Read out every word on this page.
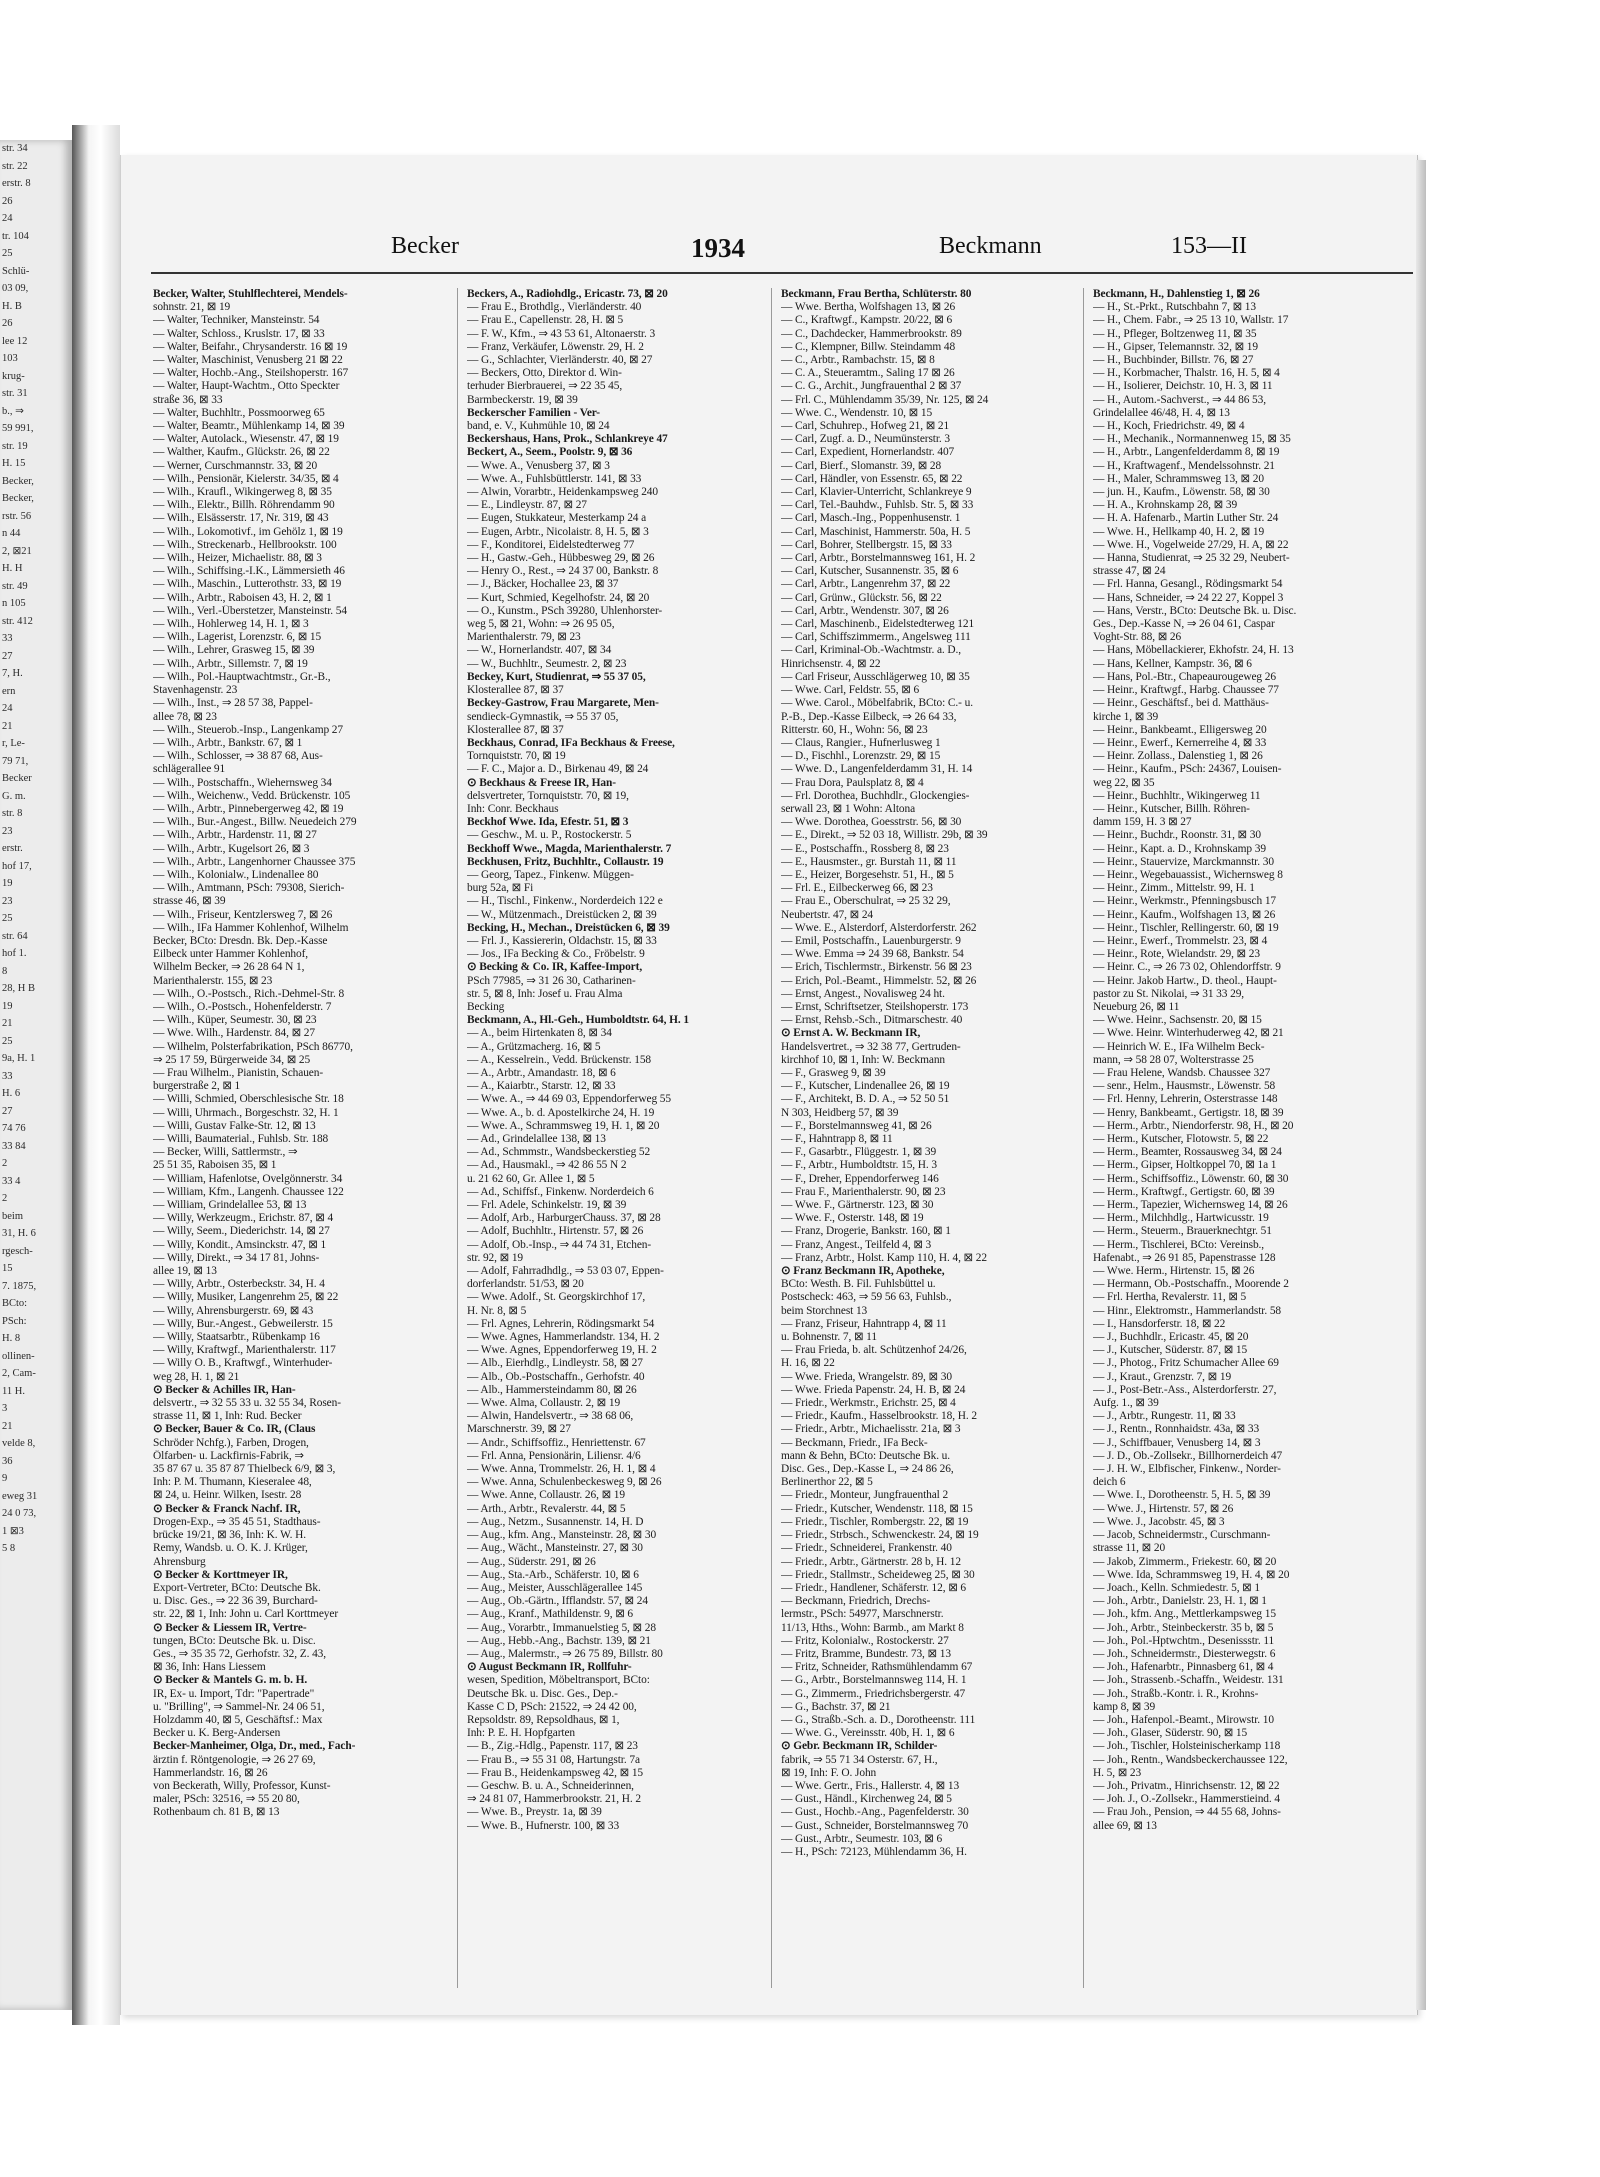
str. 34
str. 22
erstr. 8
26
24
tr. 104
25
Schlü-
03 09,
H. B
26
lee 12
103
krug-
str. 31
b., ⇒
59 991,
str. 19
H. 15
Becker,
Becker,
rstr. 56
n 44
2, ⊠21
H. H
str. 49
n 105
str. 412
33
27
7, H.
ern
24
21
r, Le-
79 71,
Becker
G. m.
str. 8
23
erstr.
hof 17,
19
23
25
str. 64
hof 1.
8
28, H B
19
21
25
9a, H. 1
33
H. 6
27
74 76
33 84
2
33 4
2
beim
31, H. 6
rgesch-
15
7. 1875,
BCto:
PSch:
H. 8
ollinen-
2, Cam-
11 H.
3
21
velde 8,
36
9
eweg 31
24 0 73,
1 ⊠3
5 8
Becker	1934	Beckmann	153—II
Becker, Walter, Stuhlflechterei, Mendels-
sohnstr. 21, ⊠ 19
— Walter, Techniker, Mansteinstr. 54
— Walter, Schloss., Kruslstr. 17, ⊠ 33
— Walter, Beifahr., Chrysanderstr. 16 ⊠ 19
— Walter, Maschinist, Venusberg 21 ⊠ 22
— Walter, Hochb.-Ang., Steilshoperstr. 167
— Walter, Haupt-Wachtm., Otto Speckter
straße 36, ⊠ 33
— Walter, Buchhltr., Possmoorweg 65
— Walter, Beamtr., Mühlenkamp 14, ⊠ 39
— Walter, Autolack., Wiesenstr. 47, ⊠ 19
— Walther, Kaufm., Glückstr. 26, ⊠ 22
— Werner, Curschmannstr. 33, ⊠ 20
— Wilh., Pensionär, Kielerstr. 34/35, ⊠ 4
— Wilh., Kraufl., Wikingerweg 8, ⊠ 35
— Wilh., Elektr., Billh. Röhrendamm 90
— Wilh., Elsässerstr. 17, Nr. 319, ⊠ 43
— Wilh., Lokomotivf., im Gehölz 1, ⊠ 19
— Wilh., Streckenarb., Hellbrookstr. 100
— Wilh., Heizer, Michaelistr. 88, ⊠ 3
— Wilh., Schiffsing.-I.K., Lämmersieth 46
— Wilh., Maschin., Lutterothstr. 33, ⊠ 19
— Wilh., Arbtr., Raboisen 43, H. 2, ⊠ 1
— Wilh., Verl.-Überstetzer, Mansteinstr. 54
— Wilh., Hohlerweg 14, H. 1, ⊠ 3
— Wilh., Lagerist, Lorenzstr. 6, ⊠ 15
— Wilh., Lehrer, Grasweg 15, ⊠ 39
— Wilh., Arbtr., Sillemstr. 7, ⊠ 19
— Wilh., Pol.-Hauptwachtmstr., Gr.-B.,
Stavenhagenstr. 23
— Wilh., Inst., ⇒ 28 57 38, Pappel-
allee 78, ⊠ 23
— Wilh., Steuerob.-Insp., Langenkamp 27
— Wilh., Arbtr., Bankstr. 67, ⊠ 1
— Wilh., Schlosser, ⇒ 38 87 68, Aus-
schlägerallee 91
— Wilh., Postschaffn., Wiehernsweg 34
— Wilh., Weichenw., Vedd. Brückenstr. 105
— Wilh., Arbtr., Pinnebergerweg 42, ⊠ 19
— Wilh., Bur.-Angest., Billw. Neuedeich 279
— Wilh., Arbtr., Hardenstr. 11, ⊠ 27
— Wilh., Arbtr., Kugelsort 26, ⊠ 3
— Wilh., Arbtr., Langenhorner Chaussee 375
— Wilh., Kolonialw., Lindenallee 80
— Wilh., Amtmann, PSch: 79308, Sierich-
strasse 46, ⊠ 39
— Wilh., Friseur, Kentzlersweg 7, ⊠ 26
— Wilh., IFa Hammer Kohlenhof, Wilhelm
Becker, BCto: Dresdn. Bk. Dep.-Kasse
Eilbeck unter Hammer Kohlenhof,
Wilhelm Becker, ⇒ 26 28 64 N 1,
Marienthalerstr. 155, ⊠ 23
— Wilh., O.-Postsch., Rich.-Dehmel-Str. 8
— Wilh., O.-Postsch., Hohenfelderstr. 7
— Wilh., Küper, Seumestr. 30, ⊠ 23
— Wwe. Wilh., Hardenstr. 84, ⊠ 27
— Wilhelm, Polsterfabrikation, PSch 86770,
⇒ 25 17 59, Bürgerweide 34, ⊠ 25
— Frau Wilhelm., Pianistin, Schauen-
burgerstraße 2, ⊠ 1
— Willi, Schmied, Oberschlesische Str. 18
— Willi, Uhrmach., Borgeschstr. 32, H. 1
— Willi, Gustav Falke-Str. 12, ⊠ 13
— Willi, Baumaterial., Fuhlsb. Str. 188
— Becker, Willi, Sattlermstr., ⇒
25 51 35, Raboisen 35, ⊠ 1
— William, Hafenlotse, Ovelgönnerstr. 34
— William, Kfm., Langenh. Chaussee 122
— William, Grindelallee 53, ⊠ 13
— Willy, Werkzeugm., Erichstr. 87, ⊠ 4
— Willy, Seem., Diederichstr. 14, ⊠ 27
— Willy, Kondit., Amsinckstr. 47, ⊠ 1
— Willy, Direkt., ⇒ 34 17 81, Johns-
allee 19, ⊠ 13
— Willy, Arbtr., Osterbeckstr. 34, H. 4
— Willy, Musiker, Langenrehm 25, ⊠ 22
— Willy, Ahrensburgerstr. 69, ⊠ 43
— Willy, Bur.-Angest., Gebweilerstr. 15
— Willy, Staatsarbtr., Rübenkamp 16
— Willy, Kraftwgf., Marienthalerstr. 117
— Willy O. B., Kraftwgf., Winterhuder-
weg 28, H. 1, ⊠ 21
⊙ Becker & Achilles IR, Han-
delsvertr., ⇒ 32 55 33 u. 32 55 34, Rosen-
strasse 11, ⊠ 1, Inh: Rud. Becker
⊙ Becker, Bauer & Co. IR, (Claus
Schröder Nchfg.), Farben, Drogen,
Ölfarben- u. Lackfirnis-Fabrik, ⇒
35 87 67 u. 35 87 87 Thielbeck 6/9, ⊠ 3,
Inh: P. M. Thumann, Kieseralee 48,
⊠ 24, u. Heinr. Wilken, Isestr. 28
⊙ Becker & Franck Nachf. IR,
Drogen-Exp., ⇒ 35 45 51, Stadthaus-
brücke 19/21, ⊠ 36, Inh: K. W. H.
Remy, Wandsb. u. O. K. J. Krüger,
Ahrensburg
⊙ Becker & Korttmeyer IR,
Export-Vertreter, BCto: Deutsche Bk.
u. Disc. Ges., ⇒ 22 36 39, Burchard-
str. 22, ⊠ 1, Inh: John u. Carl Korttmeyer
⊙ Becker & Liessem IR, Vertre-
tungen, BCto: Deutsche Bk. u. Disc.
Ges., ⇒ 35 35 72, Gerhofstr. 32, Z. 43,
⊠ 36, Inh: Hans Liessem
⊙ Becker & Mantels G. m. b. H.
IR, Ex- u. Import, Tdr: "Papertrade"
u. "Brilling", ⇒ Sammel-Nr. 24 06 51,
Holzdamm 40, ⊠ 5, Geschäftsf.: Max
Becker u. K. Berg-Andersen
Becker-Manheimer, Olga, Dr., med., Fach-
ärztin f. Röntgenologie, ⇒ 26 27 69,
Hammerlandstr. 16, ⊠ 26
von Beckerath, Willy, Professor, Kunst-
maler, PSch: 32516, ⇒ 55 20 80,
Rothenbaum ch. 81 B, ⊠ 13
Beckers, A., Radiohdlg., Ericastr. 73, ⊠ 20
— Frau E., Brothdlg., Vierländerstr. 40
— Frau E., Capellenstr. 28, H. ⊠ 5
— F. W., Kfm., ⇒ 43 53 61, Altonaerstr. 3
— Franz, Verkäufer, Löwenstr. 29, H. 2
— G., Schlachter, Vierländerstr. 40, ⊠ 27
— Beckers, Otto, Direktor d. Win-
terhuder Bierbrauerei, ⇒ 22 35 45,
Barmbeckerstr. 19, ⊠ 39
Beckerscher Familien - Ver-
band, e. V., Kuhmühle 10, ⊠ 24
Beckershaus, Hans, Prok., Schlankreye 47
Beckert, A., Seem., Poolstr. 9, ⊠ 36
— Wwe. A., Venusberg 37, ⊠ 3
— Wwe. A., Fuhlsbüttlerstr. 141, ⊠ 33
— Alwin, Vorarbtr., Heidenkampsweg 240
— E., Lindleystr. 87, ⊠ 27
— Eugen, Stukkateur, Mesterkamp 24 a
— Eugen, Arbtr., Nicolaistr. 8, H. 5, ⊠ 3
— F., Konditorei, Eidelstedterweg 77
— H., Gastw.-Geh., Hübbesweg 29, ⊠ 26
— Henry O., Rest., ⇒ 24 37 00, Bankstr. 8
— J., Bäcker, Hochallee 23, ⊠ 37
— Kurt, Schmied, Kegelhofstr. 24, ⊠ 20
— O., Kunstm., PSch 39280, Uhlenhorster-
weg 5, ⊠ 21, Wohn: ⇒ 26 95 05,
Marienthalerstr. 79, ⊠ 23
— W., Hornerlandstr. 407, ⊠ 34
— W., Buchhltr., Seumestr. 2, ⊠ 23
Beckey, Kurt, Studienrat, ⇒ 55 37 05,
Klosterallee 87, ⊠ 37
Beckey-Gastrow, Frau Margarete, Men-
sendieck-Gymnastik, ⇒ 55 37 05,
Klosterallee 87, ⊠ 37
Beckhaus, Conrad, IFa Beckhaus & Freese,
Tornquiststr. 70, ⊠ 19
— F. C., Major a. D., Birkenau 49, ⊠ 24
⊙ Beckhaus & Freese IR, Han-
delsvertreter, Tornquiststr. 70, ⊠ 19,
Inh: Conr. Beckhaus
Beckhof Wwe. Ida, Efestr. 51, ⊠ 3
— Geschw., M. u. P., Rostockerstr. 5
Beckhoff Wwe., Magda, Marienthalerstr. 7
Beckhusen, Fritz, Buchhltr., Collaustr. 19
— Georg, Tapez., Finkenw. Müggen-
burg 52a, ⊠ Fi
— H., Tischl., Finkenw., Norderdeich 122 e
— W., Mützenmach., Dreistücken 2, ⊠ 39
Becking, H., Mechan., Dreistücken 6, ⊠ 39
— Frl. J., Kassiererin, Oldachstr. 15, ⊠ 33
— Jos., IFa Becking & Co., Fröbelstr. 9
⊙ Becking & Co. IR, Kaffee-Import,
PSch 77985, ⇒ 31 26 30, Catharinen-
str. 5, ⊠ 8, Inh: Josef u. Frau Alma
Becking
Beckmann, A., Hl.-Geh., Humboldtstr. 64, H. 1
— A., beim Hirtenkaten 8, ⊠ 34
— A., Grützmacherg. 16, ⊠ 5
— A., Kesselrein., Vedd. Brückenstr. 158
— A., Arbtr., Amandastr. 18, ⊠ 6
— A., Kaiarbtr., Starstr. 12, ⊠ 33
— Wwe. A., ⇒ 44 69 03, Eppendorferweg 55
— Wwe. A., b. d. Apostelkirche 24, H. 19
— Wwe. A., Schrammsweg 19, H. 1, ⊠ 20
— Ad., Grindelallee 138, ⊠ 13
— Ad., Schmmstr., Wandsbeckerstieg 52
— Ad., Hausmakl., ⇒ 42 86 55 N 2
u. 21 62 60, Gr. Allee 1, ⊠ 5
— Ad., Schiffsf., Finkenw. Norderdeich 6
— Frl. Adele, Schinkelstr. 19, ⊠ 39
— Adolf, Arb., HarburgerChauss. 37, ⊠ 28
— Adolf, Buchhltr., Hirtenstr. 57, ⊠ 26
— Adolf, Ob.-Insp., ⇒ 44 74 31, Etchen-
str. 92, ⊠ 19
— Adolf, Fahrradhdlg., ⇒ 53 03 07, Eppen-
dorferlandstr. 51/53, ⊠ 20
— Wwe. Adolf., St. Georgskirchhof 17,
H. Nr. 8, ⊠ 5
— Frl. Agnes, Lehrerin, Rödingsmarkt 54
— Wwe. Agnes, Hammerlandstr. 134, H. 2
— Wwe. Agnes, Eppendorferweg 19, H. 2
— Alb., Eierhdlg., Lindleystr. 58, ⊠ 27
— Alb., Ob.-Postschaffn., Gerhofstr. 40
— Alb., Hammersteindamm 80, ⊠ 26
— Wwe. Alma, Collaustr. 2, ⊠ 19
— Alwin, Handelsvertr., ⇒ 38 68 06,
Marschnerstr. 39, ⊠ 27
— Andr., Schiffsoffiz., Henriettenstr. 67
— Frl. Anna, Pensionärin, Liliensr. 4/6
— Wwe. Anna, Trommelstr. 26, H. 1, ⊠ 4
— Wwe. Anna, Schulenbeckesweg 9, ⊠ 26
— Wwe. Anne, Collaustr. 26, ⊠ 19
— Arth., Arbtr., Revalerstr. 44, ⊠ 5
— Aug., Netzm., Susannenstr. 14, H. D
— Aug., kfm. Ang., Mansteinstr. 28, ⊠ 30
— Aug., Wächt., Mansteinstr. 27, ⊠ 30
— Aug., Süderstr. 291, ⊠ 26
— Aug., Sta.-Arb., Schäferstr. 10, ⊠ 6
— Aug., Meister, Ausschlägerallee 145
— Aug., Ob.-Gärtn., Ifflandstr. 57, ⊠ 24
— Aug., Kranf., Mathildenstr. 9, ⊠ 6
— Aug., Vorarbtr., Immanuelstieg 5, ⊠ 28
— Aug., Hebb.-Ang., Bachstr. 139, ⊠ 21
— Aug., Malermstr., ⇒ 26 75 89, Billstr. 80
⊙ August Beckmann IR, Rollfuhr-
wesen, Spedition, Möbeltransport, BCto:
Deutsche Bk. u. Disc. Ges., Dep.-
Kasse C D, PSch: 21522, ⇒ 24 42 00,
Repsoldstr. 89, Repsoldhaus, ⊠ 1,
Inh: P. E. H. Hopfgarten
— B., Zig.-Hdlg., Papenstr. 117, ⊠ 23
— Frau B., ⇒ 55 31 08, Hartungstr. 7a
— Frau B., Heidenkampsweg 42, ⊠ 15
— Geschw. B. u. A., Schneiderinnen,
⇒ 24 81 07, Hammerbrookstr. 21, H. 2
— Wwe. B., Preystr. 1a, ⊠ 39
— Wwe. B., Hufnerstr. 100, ⊠ 33
Beckmann, Frau Bertha, Schlüterstr. 80
— Wwe. Bertha, Wolfshagen 13, ⊠ 26
— C., Kraftwgf., Kampstr. 20/22, ⊠ 6
— C., Dachdecker, Hammerbrookstr. 89
— C., Klempner, Billw. Steindamm 48
— C., Arbtr., Rambachstr. 15, ⊠ 8
— C. A., Steueramtm., Saling 17 ⊠ 26
— C. G., Archit., Jungfrauenthal 2 ⊠ 37
— Frl. C., Mühlendamm 35/39, Nr. 125, ⊠ 24
— Wwe. C., Wendenstr. 10, ⊠ 15
— Carl, Schuhrep., Hofweg 21, ⊠ 21
— Carl, Zugf. a. D., Neumünsterstr. 3
— Carl, Expedient, Hornerlandstr. 407
— Carl, Bierf., Slomanstr. 39, ⊠ 28
— Carl, Händler, von Essenstr. 65, ⊠ 22
— Carl, Klavier-Unterricht, Schlankreye 9
— Carl, Tel.-Bauhdw., Fuhlsb. Str. 5, ⊠ 33
— Carl, Masch.-Ing., Poppenhusenstr. 1
— Carl, Maschinist, Hammerstr. 50a, H. 5
— Carl, Bohrer, Stellbergstr. 15, ⊠ 33
— Carl, Arbtr., Borstelmannsweg 161, H. 2
— Carl, Kutscher, Susannenstr. 35, ⊠ 6
— Carl, Arbtr., Langenrehm 37, ⊠ 22
— Carl, Grünw., Glückstr. 56, ⊠ 22
— Carl, Arbtr., Wendenstr. 307, ⊠ 26
— Carl, Maschinenb., Eidelstedterweg 121
— Carl, Schiffszimmerm., Angelsweg 111
— Carl, Kriminal-Ob.-Wachtmstr. a. D.,
Hinrichsenstr. 4, ⊠ 22
— Carl Friseur, Ausschlägerweg 10, ⊠ 35
— Wwe. Carl, Feldstr. 55, ⊠ 6
— Wwe. Carol., Möbelfabrik, BCto: C.- u.
P.-B., Dep.-Kasse Eilbeck, ⇒ 26 64 33,
Ritterstr. 60, H., Wohn: 56, ⊠ 23
— Claus, Rangier., Hufnerlusweg 1
— D., Fischhl., Lorenzstr. 29, ⊠ 15
— Wwe. D., Langenfelderdamm 31, H. 14
— Frau Dora, Paulsplatz 8, ⊠ 4
— Frl. Dorothea, Buchhdlr., Glockengies-
serwall 23, ⊠ 1 Wohn: Altona
— Wwe. Dorothea, Goesstrstr. 56, ⊠ 30
— E., Direkt., ⇒ 52 03 18, Willistr. 29b, ⊠ 39
— E., Postschaffn., Rossberg 8, ⊠ 23
— E., Hausmster., gr. Burstah 11, ⊠ 11
— E., Heizer, Borgesehstr. 51, H., ⊠ 5
— Frl. E., Eilbeckerweg 66, ⊠ 23
— Frau E., Oberschulrat, ⇒ 25 32 29,
Neubertstr. 47, ⊠ 24
— Wwe. E., Alsterdorf, Alsterdorferstr. 262
— Emil, Postschaffn., Lauenburgerstr. 9
— Wwe. Emma ⇒ 24 39 68, Bankstr. 54
— Erich, Tischlermstr., Birkenstr. 56 ⊠ 23
— Erich, Pol.-Beamt., Himmelstr. 52, ⊠ 26
— Ernst, Angest., Novalisweg 24 ht.
— Ernst, Schriftsetzer, Steilshoperstr. 173
— Ernst, Rehsb.-Sch., Ditmarschestr. 40
⊙ Ernst A. W. Beckmann IR,
Handelsvertret., ⇒ 32 38 77, Gertruden-
kirchhof 10, ⊠ 1, Inh: W. Beckmann
— F., Grasweg 9, ⊠ 39
— F., Kutscher, Lindenallee 26, ⊠ 19
— F., Architekt, B. D. A., ⇒ 52 50 51
N 303, Heidberg 57, ⊠ 39
— F., Borstelmannsweg 41, ⊠ 26
— F., Hahntrapp 8, ⊠ 11
— F., Gasarbtr., Flüggestr. 1, ⊠ 39
— F., Arbtr., Humboldtstr. 15, H. 3
— F., Dreher, Eppendorferweg 146
— Frau F., Marienthalerstr. 90, ⊠ 23
— Wwe. F., Gärtnerstr. 123, ⊠ 30
— Wwe. F., Osterstr. 148, ⊠ 19
— Franz, Drogerie, Bankstr. 160, ⊠ 1
— Franz, Angest., Teilfeld 4, ⊠ 3
— Franz, Arbtr., Holst. Kamp 110, H. 4, ⊠ 22
⊙ Franz Beckmann IR, Apotheke,
BCto: Westh. B. Fil. Fuhlsbüttel u.
Postscheck: 463, ⇒ 59 56 63, Fuhlsb.,
beim Storchnest 13
— Franz, Friseur, Hahntrapp 4, ⊠ 11
u. Bohnenstr. 7, ⊠ 11
— Frau Frieda, b. alt. Schützenhof 24/26,
H. 16, ⊠ 22
— Wwe. Frieda, Wrangelstr. 89, ⊠ 30
— Wwe. Frieda Papenstr. 24, H. B, ⊠ 24
— Friedr., Werkmstr., Erichstr. 25, ⊠ 4
— Friedr., Kaufm., Hasselbrookstr. 18, H. 2
— Friedr., Arbtr., Michaelisstr. 21a, ⊠ 3
— Beckmann, Friedr., IFa Beck-
mann & Behn, BCto: Deutsche Bk. u.
Disc. Ges., Dep.-Kasse L, ⇒ 24 86 26,
Berlinerthor 22, ⊠ 5
— Friedr., Monteur, Jungfrauenthal 2
— Friedr., Kutscher, Wendenstr. 118, ⊠ 15
— Friedr., Tischler, Rombergstr. 22, ⊠ 19
— Friedr., Strbsch., Schwenckestr. 24, ⊠ 19
— Friedr., Schneiderei, Frankenstr. 40
— Friedr., Arbtr., Gärtnerstr. 28 b, H. 12
— Friedr., Stallmstr., Scheideweg 25, ⊠ 30
— Friedr., Handlener, Schäferstr. 12, ⊠ 6
— Beckmann, Friedrich, Drechs-
lermstr., PSch: 54977, Marschnerstr.
11/13, Hths., Wohn: Barmb., am Markt 8
— Fritz, Kolonialw., Rostockerstr. 27
— Fritz, Bramme, Bundestr. 73, ⊠ 13
— Fritz, Schneider, Rathsmühlendamm 67
— G., Arbtr., Borstelmannsweg 114, H. 1
— G., Zimmerm., Friedrichsbergerstr. 47
— G., Bachstr. 37, ⊠ 21
— G., Straßb.-Sch. a. D., Dorotheenstr. 111
— Wwe. G., Vereinsstr. 40b, H. 1, ⊠ 6
⊙ Gebr. Beckmann IR, Schilder-
fabrik, ⇒ 55 71 34 Osterstr. 67, H.,
⊠ 19, Inh: F. O. John
— Wwe. Gertr., Fris., Hallerstr. 4, ⊠ 13
— Gust., Händl., Kirchenweg 24, ⊠ 5
— Gust., Hochb.-Ang., Pagenfelderstr. 30
— Gust., Schneider, Borstelmannsweg 70
— Gust., Arbtr., Seumestr. 103, ⊠ 6
— H., PSch: 72123, Mühlendamm 36, H.
Beckmann, H., Dahlenstieg 1, ⊠ 26
— H., St.-Prkt., Rutschbahn 7, ⊠ 13
— H., Chem. Fabr., ⇒ 25 13 10, Wallstr. 17
— H., Pfleger, Boltzenweg 11, ⊠ 35
— H., Gipser, Telemannstr. 32, ⊠ 19
— H., Buchbinder, Billstr. 76, ⊠ 27
— H., Korbmacher, Thalstr. 16, H. 5, ⊠ 4
— H., Isolierer, Deichstr. 10, H. 3, ⊠ 11
— H., Autom.-Sachverst., ⇒ 44 86 53,
Grindelallee 46/48, H. 4, ⊠ 13
— H., Koch, Friedrichstr. 49, ⊠ 4
— H., Mechanik., Normannenweg 15, ⊠ 35
— H., Arbtr., Langenfelderdamm 8, ⊠ 19
— H., Kraftwagenf., Mendelssohnstr. 21
— H., Maler, Schrammsweg 13, ⊠ 20
— jun. H., Kaufm., Löwenstr. 58, ⊠ 30
— H. A., Krohnskamp 28, ⊠ 39
— H. A. Hafenarb., Martin Luther Str. 24
— Wwe. H., Hellkamp 40, H. 2, ⊠ 19
— Wwe. H., Vogelweide 27/29, H. A, ⊠ 22
— Hanna, Studienrat, ⇒ 25 32 29, Neubert-
strasse 47, ⊠ 24
— Frl. Hanna, Gesangl., Rödingsmarkt 54
— Hans, Schneider, ⇒ 24 22 27, Koppel 3
— Hans, Verstr., BCto: Deutsche Bk. u. Disc.
Ges., Dep.-Kasse N, ⇒ 26 04 61, Caspar
Voght-Str. 88, ⊠ 26
— Hans, Möbellackierer, Ekhofstr. 24, H. 13
— Hans, Kellner, Kampstr. 36, ⊠ 6
— Hans, Pol.-Btr., Chapeaurougeweg 26
— Heinr., Kraftwgf., Harbg. Chaussee 77
— Heinr., Geschäftsf., bei d. Matthäus-
kirche 1, ⊠ 39
— Heinr., Bankbeamt., Elligersweg 20
— Heinr., Ewerf., Kernerreihe 4, ⊠ 33
— Heinr. Zollass., Dalenstieg 1, ⊠ 26
— Heinr., Kaufm., PSch: 24367, Louisen-
weg 22, ⊠ 35
— Heinr., Buchhltr., Wikingerweg 11
— Heinr., Kutscher, Billh. Röhren-
damm 159, H. 3 ⊠ 27
— Heinr., Buchdr., Roonstr. 31, ⊠ 30
— Heinr., Kapt. a. D., Krohnskamp 39
— Heinr., Stauervize, Marckmannstr. 30
— Heinr., Wegebauassist., Wichernsweg 8
— Heinr., Zimm., Mittelstr. 99, H. 1
— Heinr., Werkmstr., Pfenningsbusch 17
— Heinr., Kaufm., Wolfshagen 13, ⊠ 26
— Heinr., Tischler, Rellingerstr. 60, ⊠ 19
— Heinr., Ewerf., Trommelstr. 23, ⊠ 4
— Heinr., Rote, Wielandstr. 29, ⊠ 23
— Heinr. C., ⇒ 26 73 02, Ohlendorffstr. 9
— Heinr. Jakob Hartw., D. theol., Haupt-
pastor zu St. Nikolai, ⇒ 31 33 29,
Neueburg 26, ⊠ 11
— Wwe. Heinr., Sachsenstr. 20, ⊠ 15
— Wwe. Heinr. Winterhuderweg 42, ⊠ 21
— Heinrich W. E., IFa Wilhelm Beck-
mann, ⇒ 58 28 07, Wolterstrasse 25
— Frau Helene, Wandsb. Chaussee 327
— senr., Helm., Hausmstr., Löwenstr. 58
— Frl. Henny, Lehrerin, Osterstrasse 148
— Henry, Bankbeamt., Gertigstr. 18, ⊠ 39
— Herm., Arbtr., Niendorferstr. 98, H., ⊠ 20
— Herm., Kutscher, Flotowstr. 5, ⊠ 22
— Herm., Beamter, Rossausweg 34, ⊠ 24
— Herm., Gipser, Holtkoppel 70, ⊠ 1a 1
— Herm., Schiffsoffiz., Löwenstr. 60, ⊠ 30
— Herm., Kraftwgf., Gertigstr. 60, ⊠ 39
— Herm., Tapezier, Wichernsweg 14, ⊠ 26
— Herm., Milchhdlg., Hartwicusstr. 19
— Herm., Steuerm., Brauerknechtgr. 51
— Herm., Tischlerei, BCto: Vereinsb.,
Hafenabt., ⇒ 26 91 85, Papenstrasse 128
— Wwe. Herm., Hirtenstr. 15, ⊠ 26
— Hermann, Ob.-Postschaffn., Moorende 2
— Frl. Hertha, Revalerstr. 11, ⊠ 5
— Hinr., Elektromstr., Hammerlandstr. 58
— I., Hansdorferstr. 18, ⊠ 22
— J., Buchhdlr., Ericastr. 45, ⊠ 20
— J., Kutscher, Süderstr. 87, ⊠ 15
— J., Photog., Fritz Schumacher Allee 69
— J., Kraut., Grenzstr. 7, ⊠ 19
— J., Post-Betr.-Ass., Alsterdorferstr. 27,
Aufg. 1., ⊠ 39
— J., Arbtr., Rungestr. 11, ⊠ 33
— J., Rentn., Ronnhaidstr. 43a, ⊠ 33
— J., Schiffbauer, Venusberg 14, ⊠ 3
— J. D., Ob.-Zollsekr., Billhornerdeich 47
— J. H. W., Elbfischer, Finkenw., Norder-
deich 6
— Wwe. I., Dorotheenstr. 5, H. 5, ⊠ 39
— Wwe. J., Hirtenstr. 57, ⊠ 26
— Wwe. J., Jacobstr. 45, ⊠ 3
— Jacob, Schneidermstr., Curschmann-
strasse 11, ⊠ 20
— Jakob, Zimmerm., Friekestr. 60, ⊠ 20
— Wwe. Ida, Schrammsweg 19, H. 4, ⊠ 20
— Joach., Kelln. Schmiedestr. 5, ⊠ 1
— Joh., Arbtr., Danielstr. 23, H. 1, ⊠ 1
— Joh., kfm. Ang., Mettlerkampsweg 15
— Joh., Arbtr., Steinbeckerstr. 35 b, ⊠ 5
— Joh., Pol.-Hptwchtm., Desenissstr. 11
— Joh., Schneidermstr., Diesterwegstr. 6
— Joh., Hafenarbtr., Pinnasberg 61, ⊠ 4
— Joh., Strassenb.-Schaffn., Weidestr. 131
— Joh., Straßb.-Kontr. i. R., Krohns-
kamp 8, ⊠ 39
— Joh., Hafenpol.-Beamt., Mirowstr. 10
— Joh., Glaser, Süderstr. 90, ⊠ 15
— Joh., Tischler, Holsteinischerkamp 118
— Joh., Rentn., Wandsbeckerchaussee 122,
H. 5, ⊠ 23
— Joh., Privatm., Hinrichsenstr. 12, ⊠ 22
— Joh. J., O.-Zollsekr., Hammerstieind. 4
— Frau Joh., Pension, ⇒ 44 55 68, Johns-
allee 69, ⊠ 13
